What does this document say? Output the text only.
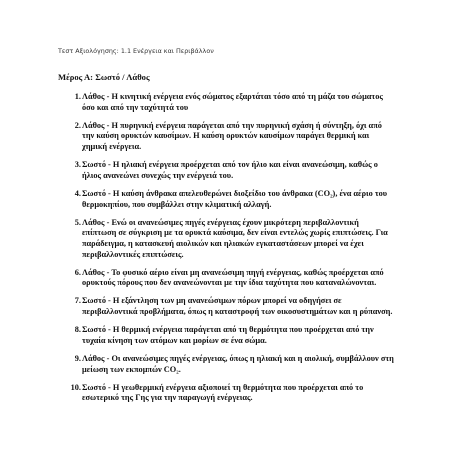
Τεστ Αξιολόγησης: 1.1 Ενέργεια και Περιβάλλον
Μέρος Α: Σωστό / Λάθος
1. Λάθος - Η κινητική ενέργεια ενός σώματος εξαρτάται τόσο από τη μάζα του σώματος όσο και από την ταχύτητά του
2. Λάθος - Η πυρηνική ενέργεια παράγεται από την πυρηνική σχάση ή σύντηξη, όχι από την καύση ορυκτών καυσίμων. Η καύση ορυκτών καυσίμων παράγει θερμική και χημική ενέργεια.
3. Σωστό - Η ηλιακή ενέργεια προέρχεται από τον ήλιο και είναι ανανεώσιμη, καθώς ο ήλιος ανανεώνει συνεχώς την ενέργειά του.
4. Σωστό - Η καύση άνθρακα απελευθερώνει διοξείδιο του άνθρακα (CO₂), ένα αέριο του θερμοκηπίου, που συμβάλλει στην κλιματική αλλαγή.
5. Λάθος - Ενώ οι ανανεώσιμες πηγές ενέργειας έχουν μικρότερη περιβαλλοντική επίπτωση σε σύγκριση με τα ορυκτά καύσιμα, δεν είναι εντελώς χωρίς επιπτώσεις. Για παράδειγμα, η κατασκευή αιολικών και ηλιακών εγκαταστάσεων μπορεί να έχει περιβαλλοντικές επιπτώσεις.
6. Λάθος - Το φυσικό αέριο είναι μη ανανεώσιμη πηγή ενέργειας, καθώς προέρχεται από ορυκτούς πόρους που δεν ανανεώνονται με την ίδια ταχύτητα που καταναλώνονται.
7. Σωστό - Η εξάντληση των μη ανανεώσιμων πόρων μπορεί να οδηγήσει σε περιβαλλοντικά προβλήματα, όπως η καταστροφή των οικοσυστημάτων και η ρύπανση.
8. Σωστό - Η θερμική ενέργεια παράγεται από τη θερμότητα που προέρχεται από την τυχαία κίνηση των ατόμων και μορίων σε ένα σώμα.
9. Λάθος - Οι ανανεώσιμες πηγές ενέργειας, όπως η ηλιακή και η αιολική, συμβάλλουν στη μείωση των εκπομπών CO₂.
10. Σωστό - Η γεωθερμική ενέργεια αξιοποιεί τη θερμότητα που προέρχεται από το εσωτερικό της Γης για την παραγωγή ενέργειας.
